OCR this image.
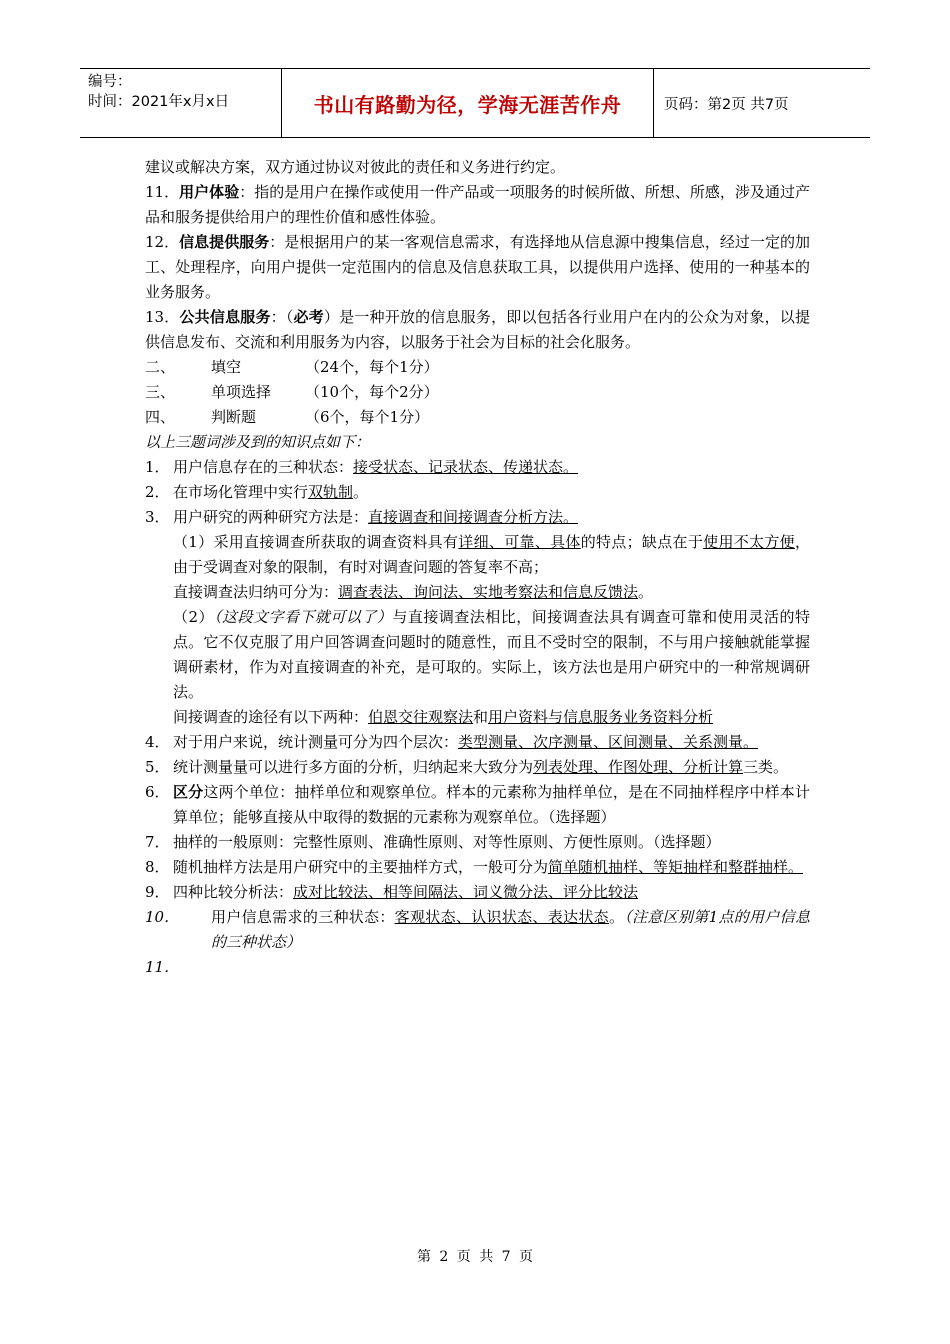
编号：
时间：2021年x月x日	书山有路勤为径，学海无涯苦作舟	页码：第2页 共7页

建议或解决方案，双方通过协议对彼此的责任和义务进行约定。

11．用户体验：指的是用户在操作或使用一件产品或一项服务的时候所做、所想、所感，涉及通过产品和服务提供给用户的理性价值和感性体验。
12．信息提供服务：是根据用户的某一客观信息需求，有选择地从信息源中搜集信息，经过一定的加工、处理程序，向用户提供一定范围内的信息及信息获取工具，以提供用户选择、使用的一种基本的业务服务。
13．公共信息服务：（必考）是一种开放的信息服务，即以包括各行业用户在内的公众为对象，以提供信息发布、交流和利用服务为内容，以服务于社会为目标的社会化服务。
二、	填空	（24个，每个1分）
三、	单项选择	（10个，每个2分）
四、	判断题	（6个，每个1分）
以上三题词涉及到的知识点如下：
1． 用户信息存在的三种状态：接受状态、记录状态、传递状态。
2． 在市场化管理中实行双轨制。
3． 用户研究的两种研究方法是：直接调查和间接调查分析方法。
（1）采用直接调查所获取的调查资料具有详细、可靠、具体的特点；缺点在于使用不太方便，由于受调查对象的限制，有时对调查问题的答复率不高；
直接调查法归纳可分为：调查表法、询问法、实地考察法和信息反馈法。
（2）（这段文字看下就可以了）与直接调查法相比，间接调查法具有调查可靠和使用灵活的特点。它不仅克服了用户回答调查问题时的随意性，而且不受时空的限制，不与用户接触就能掌握调研素材，作为对直接调查的补充，是可取的。实际上，该方法也是用户研究中的一种常规调研法。
间接调查的途径有以下两种：伯恩交往观察法和用户资料与信息服务业务资料分析
4． 对于用户来说，统计测量可分为四个层次：类型测量、次序测量、区间测量、关系测量。
5． 统计测量量可以进行多方面的分析，归纳起来大致分为列表处理、作图处理、分析计算三类。
6． 区分这两个单位：抽样单位和观察单位。样本的元素称为抽样单位，是在不同抽样程序中样本计算单位；能够直接从中取得的数据的元素称为观察单位。（选择题）
7． 抽样的一般原则：完整性原则、准确性原则、对等性原则、方便性原则。（选择题）
8． 随机抽样方法是用户研究中的主要抽样方式，一般可分为简单随机抽样、等矩抽样和整群抽样。
9． 四种比较分析法：成对比较法、相等间隔法、词义微分法、评分比较法
10．	用户信息需求的三种状态：客观状态、认识状态、表达状态。（注意区别第1点的用户信息的三种状态）
11．
第 2 页 共 7 页
